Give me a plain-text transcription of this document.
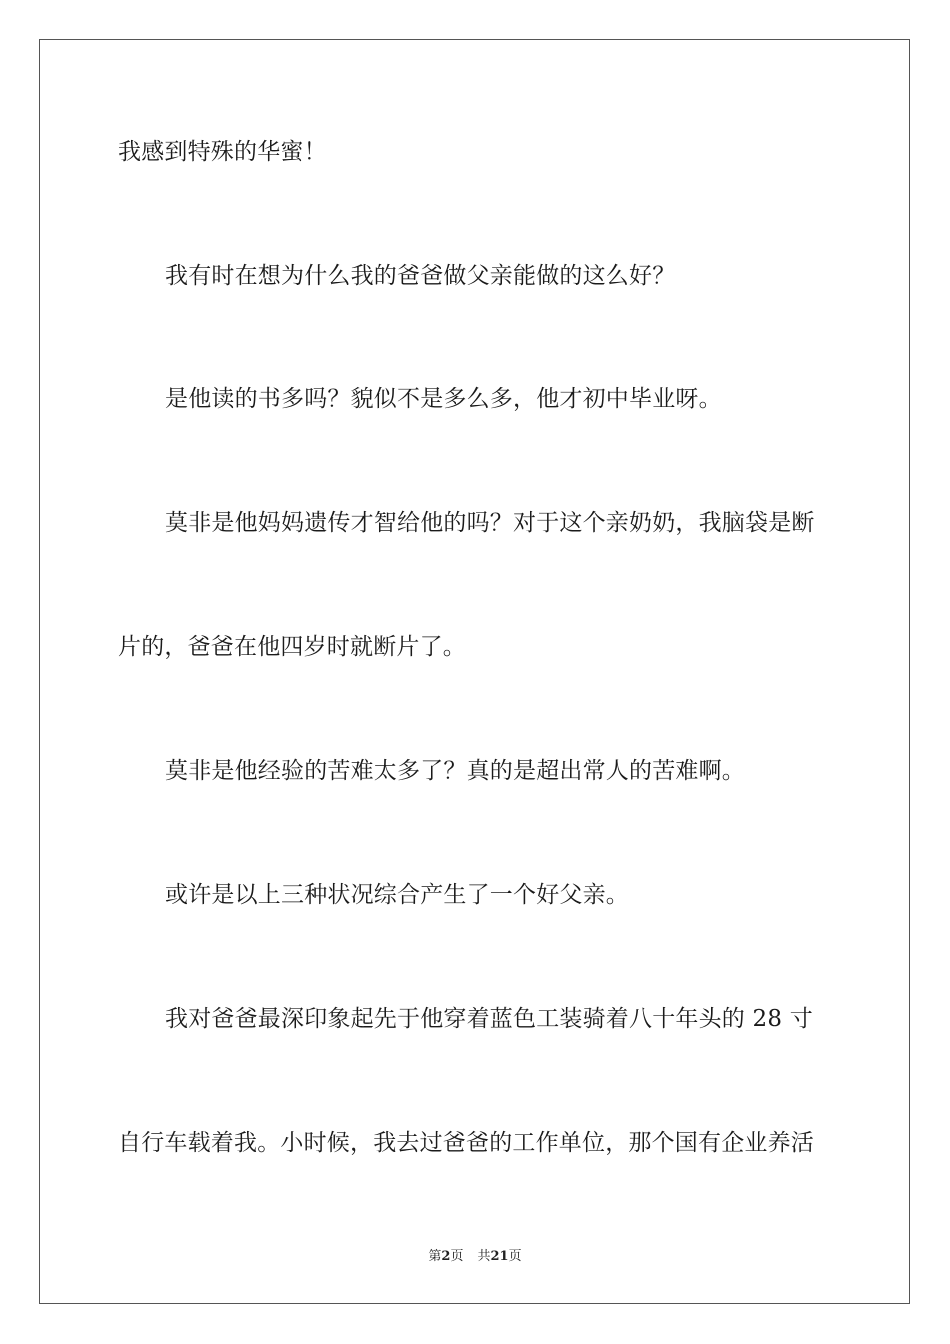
我感到特殊的华蜜！
我有时在想为什么我的爸爸做父亲能做的这么好？
是他读的书多吗？貌似不是多么多，他才初中毕业呀。
莫非是他妈妈遗传才智给他的吗？对于这个亲奶奶，我脑袋是断
片的，爸爸在他四岁时就断片了。
莫非是他经验的苦难太多了？真的是超出常人的苦难啊。
或许是以上三种状况综合产生了一个好父亲。
我对爸爸最深印象起先于他穿着蓝色工装骑着八十年头的 28 寸
自行车载着我。小时候，我去过爸爸的工作单位，那个国有企业养活
第2页 共21页
